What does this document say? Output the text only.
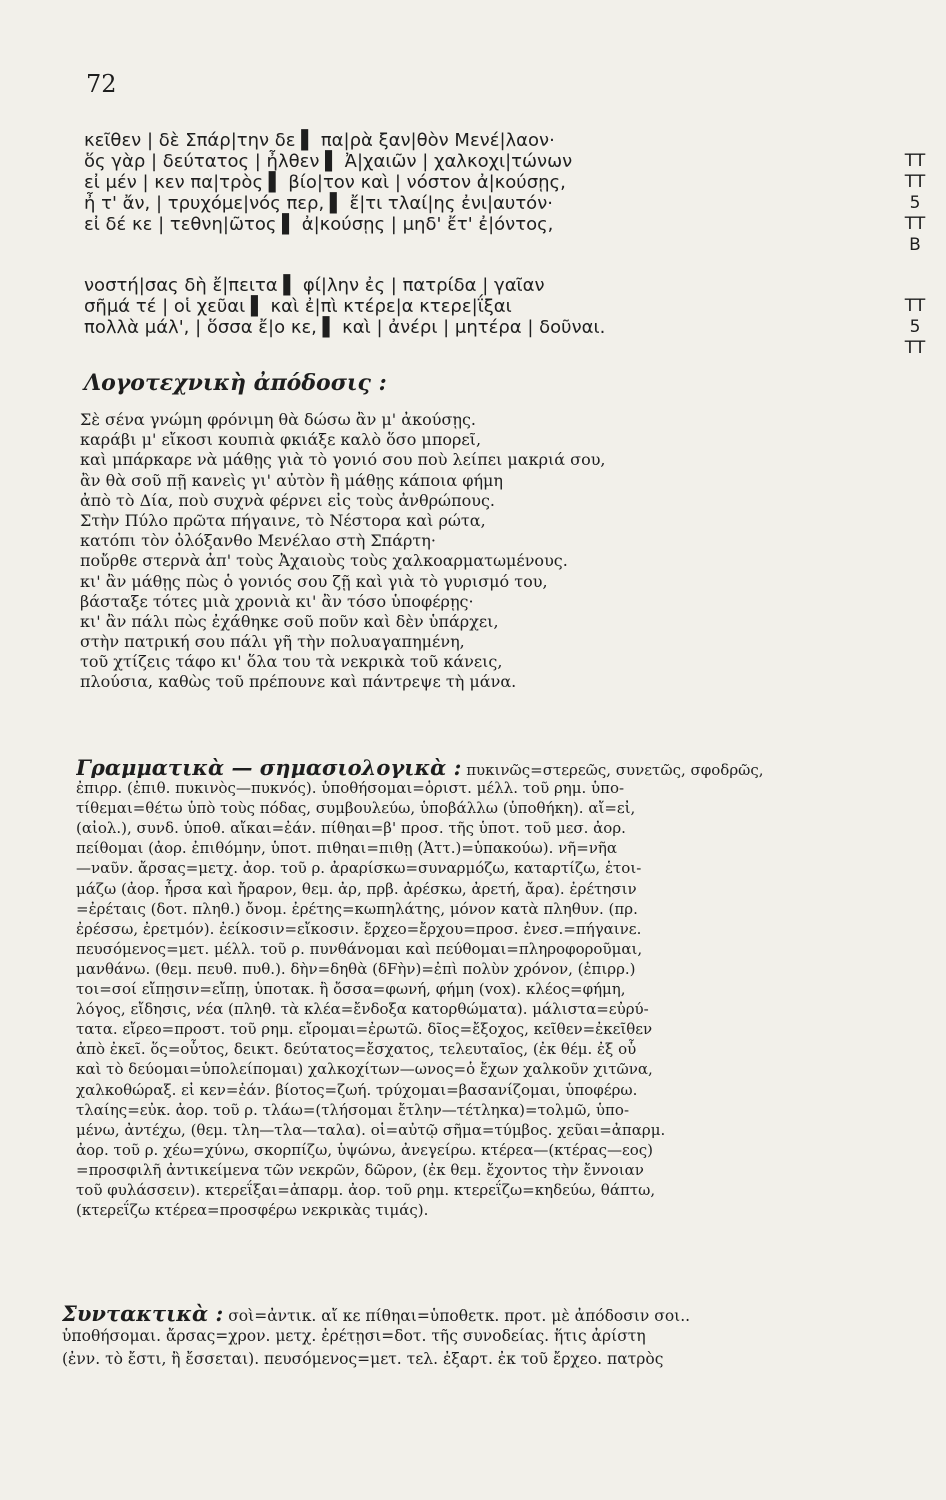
72
κεῖθεν | δὲ Σπάρ|την δε ▌ πα|ρὰ ξαν|θὸν Μενέ|λαον·
ὅς γὰρ | δεύτατος | ἦλθεν ▌ Ἀ|χαιῶν | χαλκοχι|τώνων	TT
εἰ μέν | κεν πα|τρὸς ▌ βίο|τον καὶ | νόστον ἀ|κούσῃς,	TT
ἦ τ' ἄν, | τρυχόμε|νός περ, ▌ ἔ|τι τλαί|ης ἐνι|αυτόν·	5
εἰ δέ κε | τεθνη|ῶτος ▌ ἀ|κούσῃς | μηδ' ἔτ' ἐ|όντος,	TT
B
νοστή|σας δὴ ἔ|πειτα ▌ φί|λην ἐς | πατρίδα | γαῖαν
σῆμά τέ | οἱ χεῦαι ▌ καὶ ἐ|πὶ κτέρε|α κτερε|ΐξαι	TT
πολλὰ μάλ', | ὅσσα ἔ|ο κε, ▌ καὶ | ἀνέρι | μητέρα | δοῦναι.	5
TT
Λογοτεχνικὴ ἀπόδοσις :
Σὲ σένα γνώμη φρόνιμη θὰ δώσω ἂν μ' ἀκούσῃς.
καράβι μ' εἴκοσι κουπιὰ φκιάξε καλὸ ὅσο μπορεῖ,
καὶ μπάρκαρε νὰ μάθῃς γιὰ τὸ γονιό σου ποὺ λείπει μακριά σου,
ἂν θὰ σοῦ πῇ κανεὶς γι' αὐτὸν ἢ μάθῃς κάποια φήμη
ἀπὸ τὸ Δία, ποὺ συχνὰ φέρνει εἰς τοὺς ἀνθρώπους.
Στὴν Πύλο πρῶτα πήγαινε, τὸ Νέστορα καὶ ρώτα,
κατόπι τὸν ὀλόξανθο Μενέλαο στὴ Σπάρτη·
ποὔρθε στερνὰ ἀπ' τοὺς Ἀχαιοὺς τοὺς χαλκοαρματωμένους.
κι' ἂν μάθῃς πὼς ὁ γονιός σου ζῇ καὶ γιὰ τὸ γυρισμό του,
βάσταξε τότες μιὰ χρονιὰ κι' ἂν τόσο ὑποφέρῃς·
κι' ἂν πάλι πὼς ἐχάθηκε σοῦ ποῦν καὶ δὲν ὑπάρχει,
στὴν πατρική σου πάλι γῆ τὴν πολυαγαπημένη,
τοῦ χτίζεις τάφο κι' ὅλα του τὰ νεκρικὰ τοῦ κάνεις,
πλούσια, καθὼς τοῦ πρέπουνε καὶ πάντρεψε τὴ μάνα.
Γραμματικὰ — σημασιολογικὰ : πυκινῶς=στερεῶς, συνετῶς, σφοδρῶς,
ἐπιρρ. (ἐπιθ. πυκινὸς—πυκνός). ὑποθήσομαι=ὁριστ. μέλλ. τοῦ ρημ. ὑπο-
τίθεμαι=θέτω ὑπὸ τοὺς πόδας, συμβουλεύω, ὑποβάλλω (ὑποθήκη). αἴ=εἰ,
(αἰολ.), συνδ. ὑποθ. αἴκαι=ἐάν. πίθηαι=β' προσ. τῆς ὑποτ. τοῦ μεσ. ἀορ.
πείθομαι (ἀορ. ἐπιθόμην, ὑποτ. πιθηαι=πιθῃ (Ἀττ.)=ὑπακούω). νῆ=νῆα
—ναῦν. ἄρσας=μετχ. ἀορ. τοῦ ρ. ἀραρίσκω=συναρμόζω, καταρτίζω, ἑτοι-
μάζω (ἀορ. ἦρσα καὶ ἤραρον, θεμ. ἀρ, πρβ. ἀρέσκω, ἀρετή, ἄρα). ἐρέτησιν
=ἐρέταις (δοτ. πληθ.) ὄνομ. ἐρέτης=κωπηλάτης, μόνον κατὰ πληθυν. (πρ.
ἐρέσσω, ἐρετμόν). ἐείκοσιν=εἴκοσιν. ἔρχεο=ἔρχου=προσ. ἐνεσ.=πήγαινε.
πευσόμενος=μετ. μέλλ. τοῦ ρ. πυνθάνομαι καὶ πεύθομαι=πληροφοροῦμαι,
μανθάνω. (θεμ. πευθ. πυθ.). δὴν=δηθὰ (δFὴν)=ἐπὶ πολὺν χρόνον, (ἐπιρρ.)
τοι=σοί εἴπῃσιν=εἴπῃ, ὑποτακ. ἢ ὄσσα=φωνή, φήμη (vox). κλέος=φήμη,
λόγος, εἴδησις, νέα (πληθ. τὰ κλέα=ἔνδοξα κατορθώματα). μάλιστα=εὐρύ-
τατα. εἴρεο=προστ. τοῦ ρημ. εἴρομαι=ἐρωτῶ. δῖος=ἔξοχος, κεῖθεν=ἐκεῖθεν
ἀπὸ ἐκεῖ. ὅς=οὗτος, δεικτ. δεύτατος=ἔσχατος, τελευταῖος, (ἐκ θέμ. ἐξ οὗ
καὶ τὸ δεύομαι=ὑπολείπομαι) χαλκοχίτων—ωνος=ὁ ἔχων χαλκοῦν χιτῶνα,
χαλκοθώραξ. εἰ κεν=ἐάν. βίοτος=ζωή. τρύχομαι=βασανίζομαι, ὑποφέρω.
τλαίης=εὐκ. ἀορ. τοῦ ρ. τλάω=(τλήσομαι ἔτλην—τέτληκα)=τολμῶ, ὑπο-
μένω, ἀντέχω, (θεμ. τλη—τλα—ταλα). οἱ=αὐτῷ σῆμα=τύμβος. χεῦαι=ἀπαρμ.
ἀορ. τοῦ ρ. χέω=χύνω, σκορπίζω, ὑψώνω, ἀνεγείρω. κτέρεα—(κτέρας—εος)
=προσφιλῆ ἀντικείμενα τῶν νεκρῶν, δῶρον, (ἐκ θεμ. ἔχοντος τὴν ἔννοιαν
τοῦ φυλάσσειν). κτερεΐξαι=ἀπαρμ. ἀορ. τοῦ ρημ. κτερεΐζω=κηδεύω, θάπτω,
(κτερεΐζω κτέρεα=προσφέρω νεκρικὰς τιμάς).
Συντακτικὰ : σοὶ=ἀντικ. αἴ κε πίθηαι=ὑποθετκ. προτ. μὲ ἀπόδοσιν σοι..
ὑποθήσομαι. ἄρσας=χρον. μετχ. ἐρέτῃσι=δοτ. τῆς συνοδείας. ἥτις ἀρίστη
(ἐνν. τὸ ἔστι, ἢ ἔσσεται). πευσόμενος=μετ. τελ. ἐξαρτ. ἐκ τοῦ ἔρχεο. πατρὸς
